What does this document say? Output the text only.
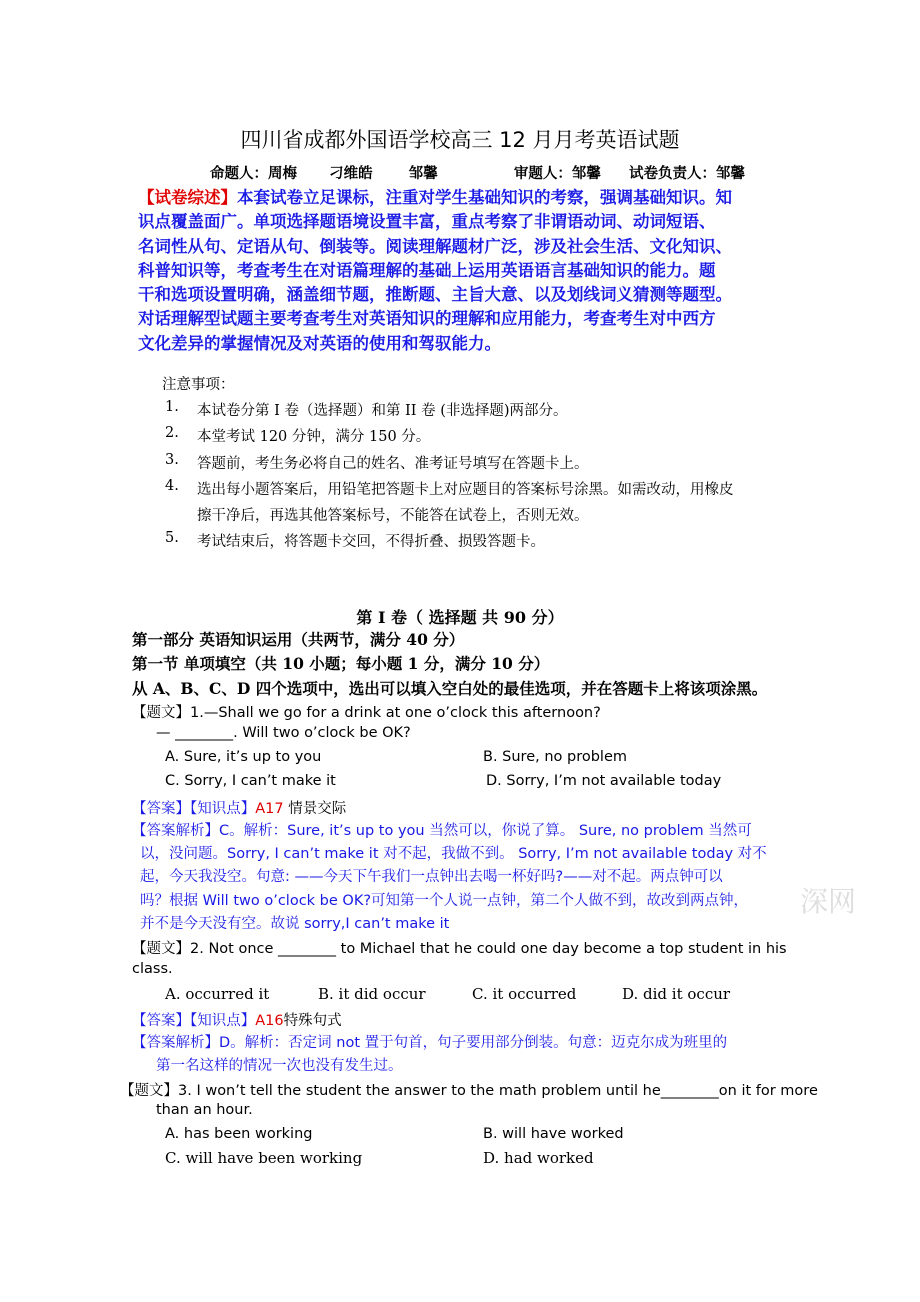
四川省成都外国语学校高三 12 月月考英语试题
命题人：周梅 刁维皓 邹馨	审题人：邹馨 试卷负责人：邹馨
【试卷综述】本套试卷立足课标，注重对学生基础知识的考察，强调基础知识。知
识点覆盖面广。单项选择题语境设置丰富，重点考察了非谓语动词、动词短语、
名词性从句、定语从句、倒装等。阅读理解题材广泛，涉及社会生活、文化知识、
科普知识等，考查考生在对语篇理解的基础上运用英语语言基础知识的能力。题
干和选项设置明确，涵盖细节题，推断题、主旨大意、以及划线词义猜测等题型。
对话理解型试题主要考查考生对英语知识的理解和应用能力，考查考生对中西方
文化差异的掌握情况及对英语的使用和驾驭能力。
注意事项：
1. 本试卷分第 I 卷（选择题）和第 II 卷 (非选择题)两部分。
2. 本堂考试 120 分钟，满分 150 分。
3. 答题前，考生务必将自己的姓名、准考证号填写在答题卡上。
4. 选出每小题答案后，用铅笔把答题卡上对应题目的答案标号涂黑。如需改动，用橡皮
擦干净后，再选其他答案标号，不能答在试卷上，否则无效。
5. 考试结束后，将答题卡交回，不得折叠、损毁答题卡。
第 I 卷（ 选择题 共 90 分）
第一部分 英语知识运用（共两节，满分 40 分）
第一节 单项填空（共 10 小题；每小题 1 分，满分 10 分）
从 A、B、C、D 四个选项中，选出可以填入空白处的最佳选项，并在答题卡上将该项涂黑。
【题文】1.—Shall we go for a drink at one o’clock this afternoon?
— ________. Will two o’clock be OK?
A. Sure, it’s up to you	B. Sure, no problem
C. Sorry, I can’t make it	D. Sorry, I’m not available today
【答案】【知识点】A17 情景交际
【答案解析】C。解析：Sure, it’s up to you 当然可以，你说了算。 Sure, no problem 当然可
以，没问题。Sorry, I can’t make it 对不起，我做不到。 Sorry, I’m not available today 对不
起，今天我没空。句意: ——今天下午我们一点钟出去喝一杯好吗?——对不起。两点钟可以
吗？根据 Will two o’clock be OK?可知第一个人说一点钟，第二个人做不到，故改到两点钟，
并不是今天没有空。故说 sorry,I can’t make it
深网
【题文】2. Not once ________ to Michael that he could one day become a top student in his
class.
A. occurred it	B. it did occur	C. it occurred	D. did it occur
【答案】【知识点】A16特殊句式
【答案解析】D。解析：否定词 not 置于句首，句子要用部分倒装。句意：迈克尔成为班里的
第一名这样的情况一次也没有发生过。
【题文】3. I won’t tell the student the answer to the math problem until he________on it for more
than an hour.
A. has been working	B. will have worked
C. will have been working	D. had worked
